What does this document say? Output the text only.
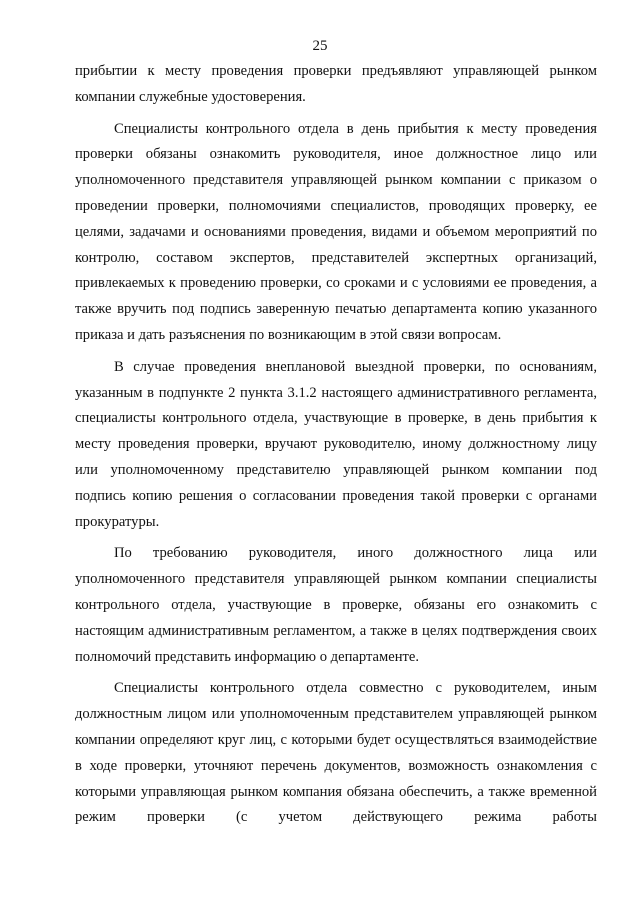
25

прибытии к месту проведения проверки предъявляют управляющей рынком компании служебные удостоверения.

Специалисты контрольного отдела в день прибытия к месту проведения проверки обязаны ознакомить руководителя, иное должностное лицо или уполномоченного представителя управляющей рынком компании с приказом о проведении проверки, полномочиями специалистов, проводящих проверку, ее целями, задачами и основаниями проведения, видами и объемом мероприятий по контролю, составом экспертов, представителей экспертных организаций, привлекаемых к проведению проверки, со сроками и с условиями ее проведения, а также вручить под подпись заверенную печатью департамента копию указанного приказа и дать разъяснения по возникающим в этой связи вопросам.

В случае проведения внеплановой выездной проверки, по основаниям, указанным в подпункте 2 пункта 3.1.2 настоящего административного регламента, специалисты контрольного отдела, участвующие в проверке, в день прибытия к месту проведения проверки, вручают руководителю, иному должностному лицу или уполномоченному представителю управляющей рынком компании под подпись копию решения о согласовании проведения такой проверки с органами прокуратуры.

По требованию руководителя, иного должностного лица или уполномоченного представителя управляющей рынком компании специалисты контрольного отдела, участвующие в проверке, обязаны его ознакомить с настоящим административным регламентом, а также в целях подтверждения своих полномочий представить информацию о департаменте.

Специалисты контрольного отдела совместно с руководителем, иным должностным лицом или уполномоченным представителем управляющей рынком компании определяют круг лиц, с которыми будет осуществляться взаимодействие в ходе проверки, уточняют перечень документов, возможность ознакомления с которыми управляющая рынком компания обязана обеспечить, а также временной режим проверки (с учетом действующего режима работы
